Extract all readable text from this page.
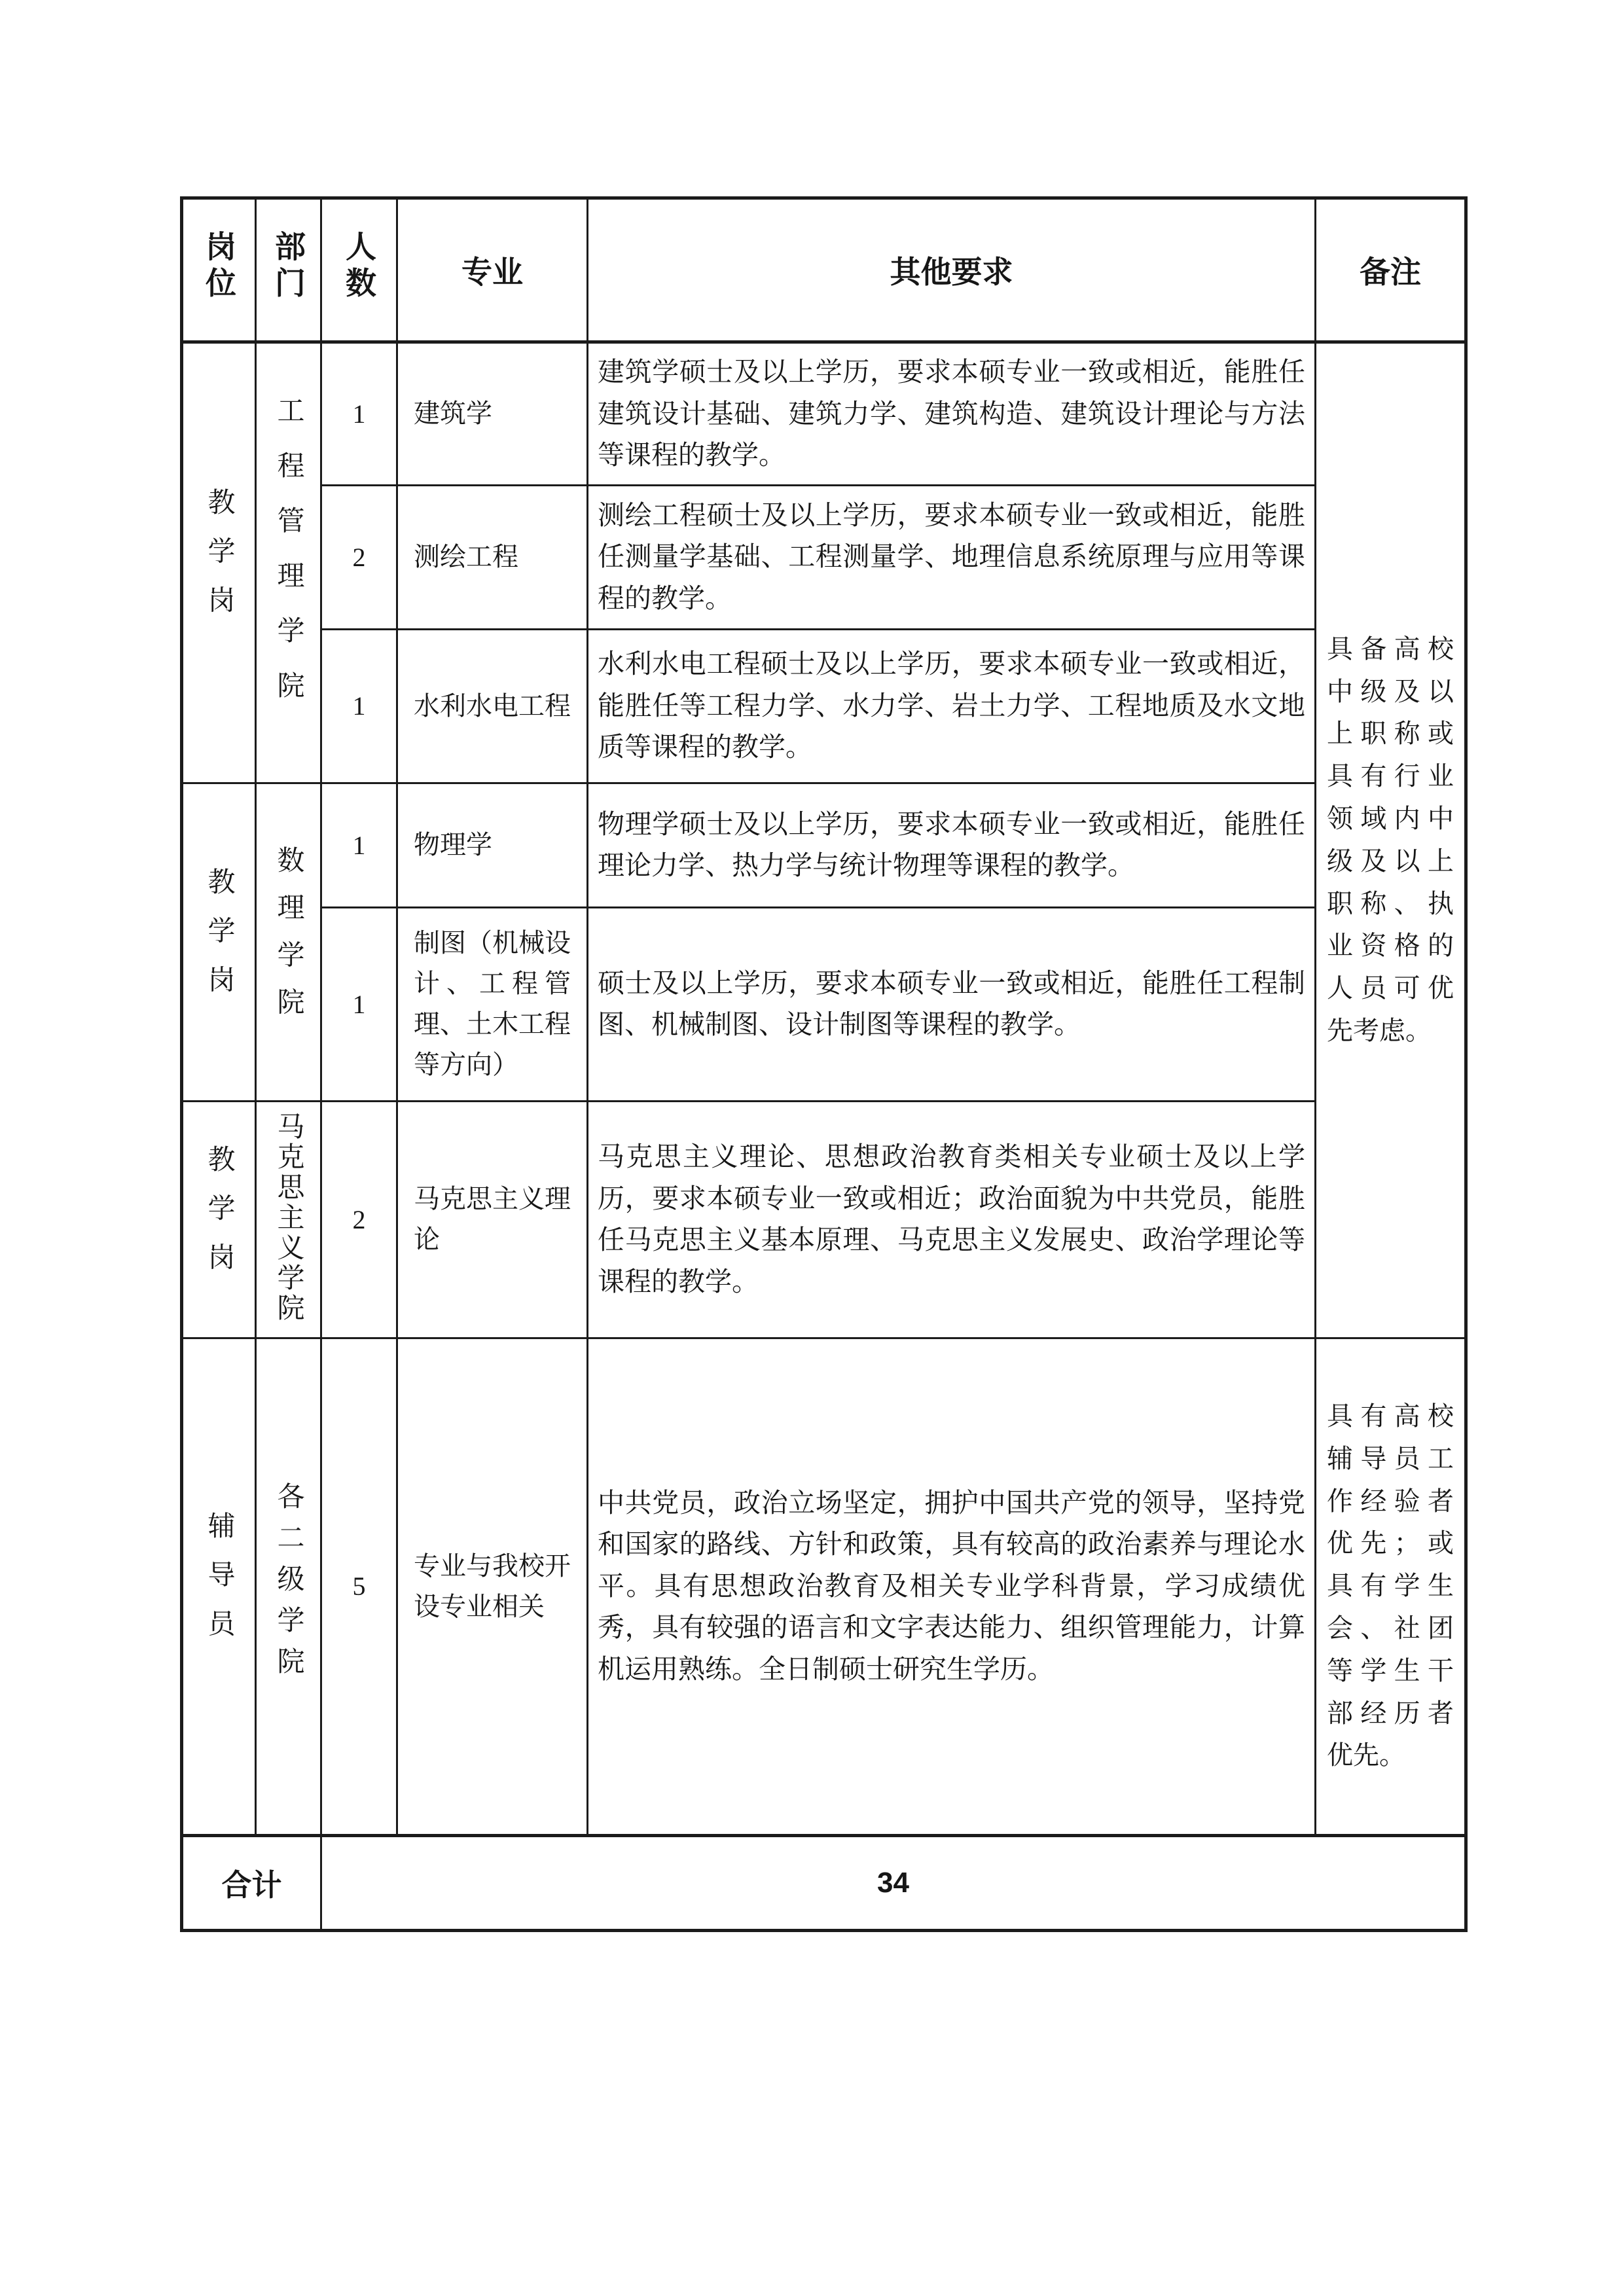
岗位	部门	人数	专业	其他要求	备注
教学岗	工程管理学院	1	建筑学	建筑学硕士及以上学历，要求本硕专业一致或相近，能胜任建筑设计基础、建筑力学、建筑构造、建筑设计理论与方法等课程的教学。	具备高校中级及以上职称或具有行业领域内中级及以上职称、执业资格的人员可优先考虑。
		2	测绘工程	测绘工程硕士及以上学历，要求本硕专业一致或相近，能胜任测量学基础、工程测量学、地理信息系统原理与应用等课程的教学。	
		1	水利水电工程	水利水电工程硕士及以上学历，要求本硕专业一致或相近，能胜任等工程力学、水力学、岩土力学、工程地质及水文地质等课程的教学。	
教学岗	数理学院	1	物理学	物理学硕士及以上学历，要求本硕专业一致或相近，能胜任理论力学、热力学与统计物理等课程的教学。	
		1	制图（机械设计、工程管理、土木工程等方向）	硕士及以上学历，要求本硕专业一致或相近，能胜任工程制图、机械制图、设计制图等课程的教学。	
教学岗	马克思主义学院	2	马克思主义理论	马克思主义理论、思想政治教育类相关专业硕士及以上学历，要求本硕专业一致或相近；政治面貌为中共党员，能胜任马克思主义基本原理、马克思主义发展史、政治学理论等课程的教学。	
辅导员	各二级学院	5	专业与我校开设专业相关	中共党员，政治立场坚定，拥护中国共产党的领导，坚持党和国家的路线、方针和政策，具有较高的政治素养与理论水平。具有思想政治教育及相关专业学科背景，学习成绩优秀，具有较强的语言和文字表达能力、组织管理能力，计算机运用熟练。全日制硕士研究生学历。	具有高校辅导员工作经验者优先；或具有学生会、社团等学生干部经历者优先。
合计		34			
